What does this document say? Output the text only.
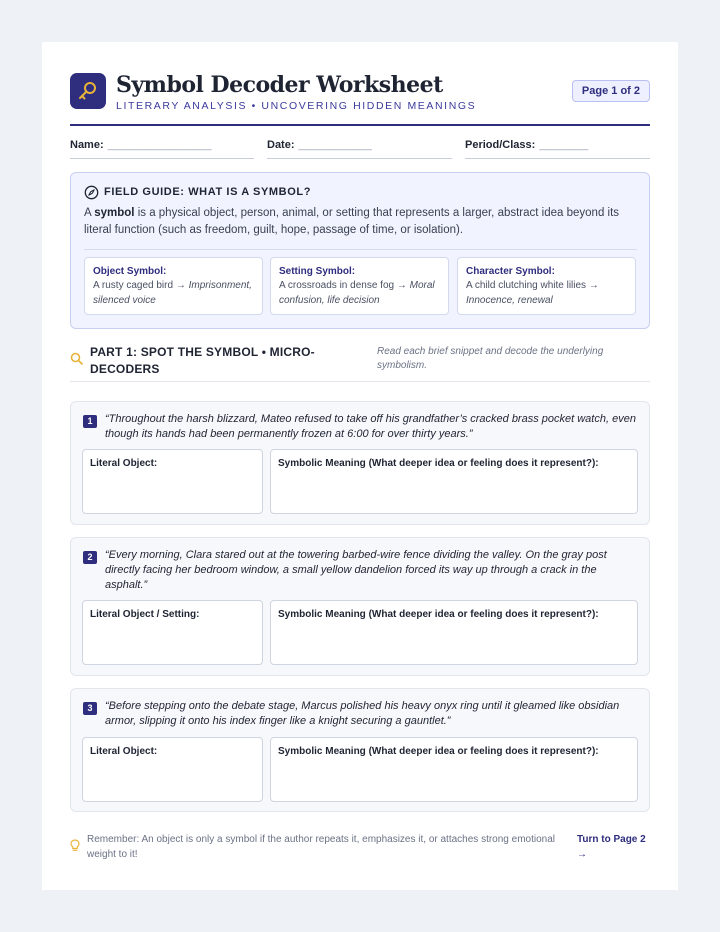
Symbol Decoder Worksheet
LITERARY ANALYSIS • UNCOVERING HIDDEN MEANINGS
Page 1 of 2
Name: _________________	Date: ____________	Period/Class: ________
FIELD GUIDE: WHAT IS A SYMBOL?
A symbol is a physical object, person, animal, or setting that represents a larger, abstract idea beyond its literal function (such as freedom, guilt, hope, passage of time, or isolation).
Object Symbol:
A rusty caged bird → Imprisonment, silenced voice
Setting Symbol:
A crossroads in dense fog → Moral confusion, life decision
Character Symbol:
A child clutching white lilies → Innocence, renewal
PART 1: SPOT THE SYMBOL • MICRO-DECODERS
Read each brief snippet and decode the underlying symbolism.
1	“Throughout the harsh blizzard, Mateo refused to take off his grandfather’s cracked brass pocket watch, even though its hands had been permanently frozen at 6:00 for over thirty years.”
Literal Object:	Symbolic Meaning (What deeper idea or feeling does it represent?):
2	“Every morning, Clara stared out at the towering barbed-wire fence dividing the valley. On the gray post directly facing her bedroom window, a small yellow dandelion forced its way up through a crack in the asphalt.”
Literal Object / Setting:	Symbolic Meaning (What deeper idea or feeling does it represent?):
3	“Before stepping onto the debate stage, Marcus polished his heavy onyx ring until it gleamed like obsidian armor, slipping it onto his index finger like a knight securing a gauntlet.”
Literal Object:	Symbolic Meaning (What deeper idea or feeling does it represent?):
Remember: An object is only a symbol if the author repeats it, emphasizes it, or attaches strong emotional weight to it!
Turn to Page 2 →
